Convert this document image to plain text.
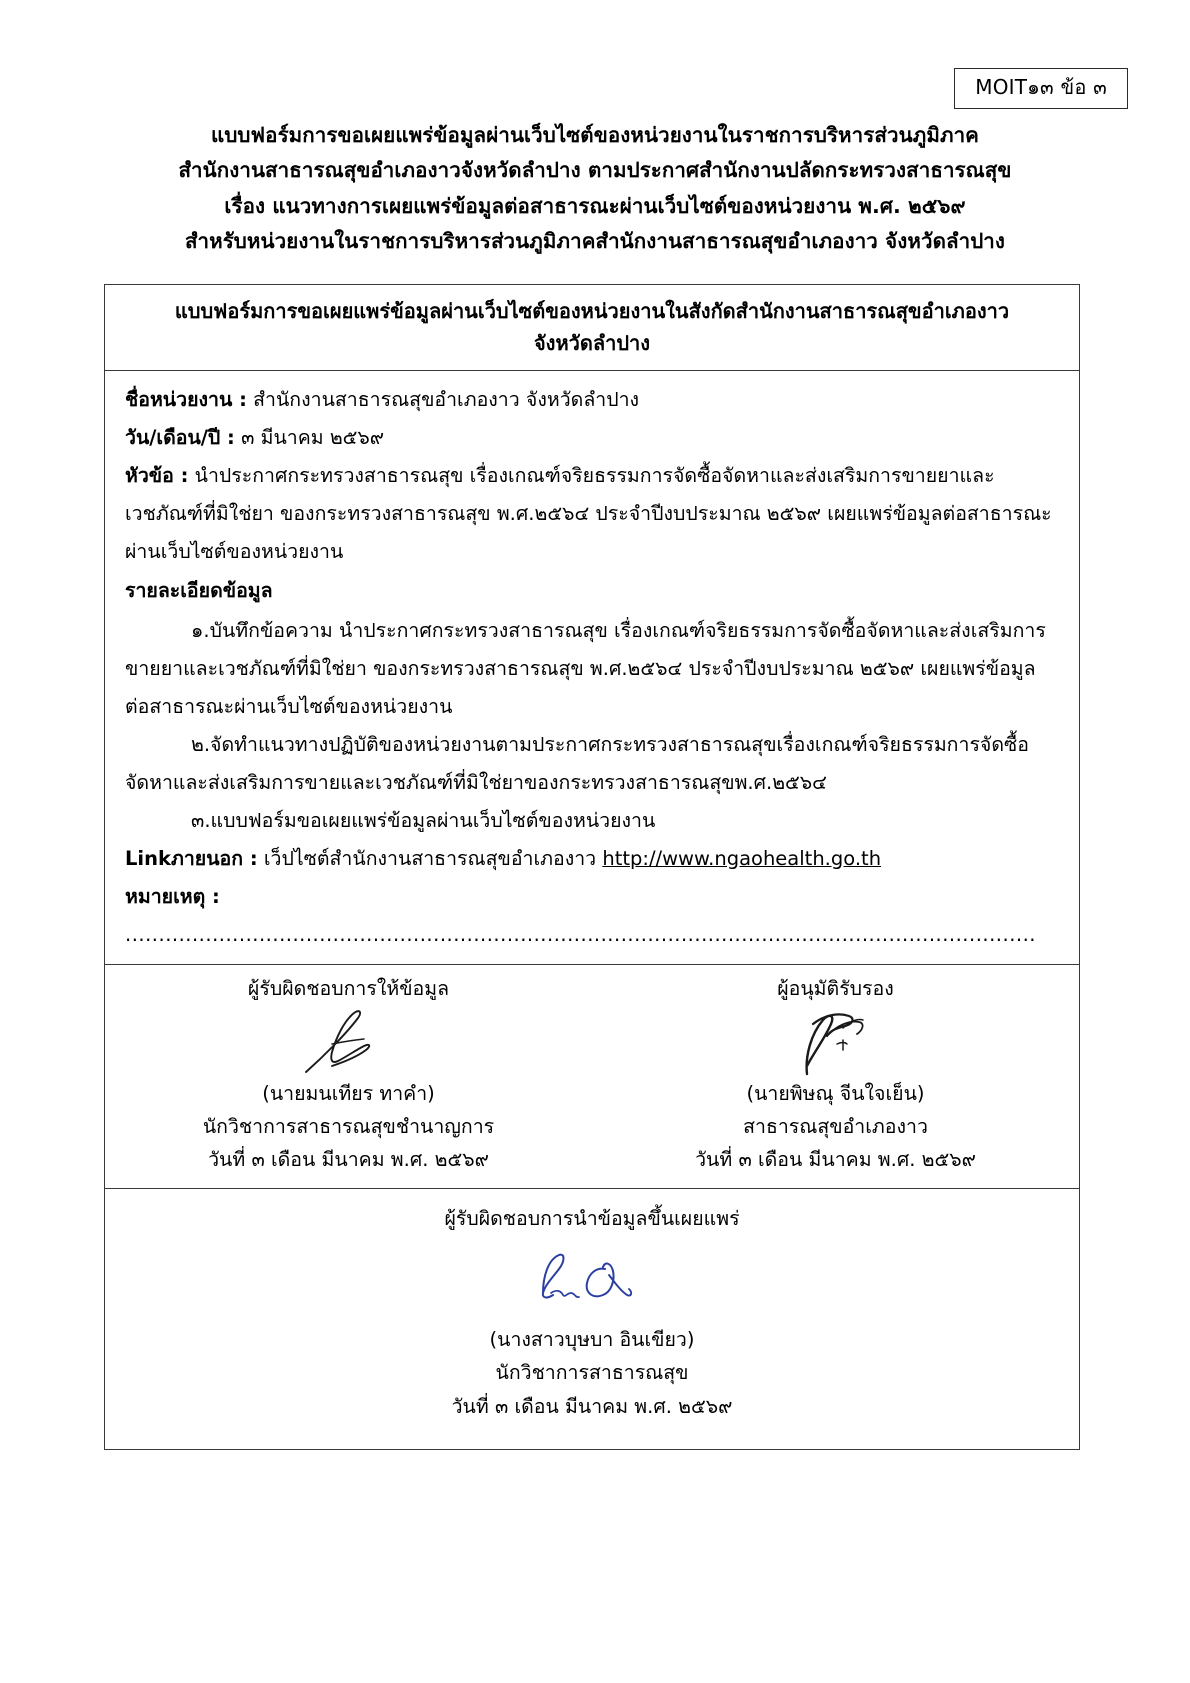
MOIT๑๓ ข้อ ๓
แบบฟอร์มการขอเผยแพร่ข้อมูลผ่านเว็บไซต์ของหน่วยงานในราชการบริหารส่วนภูมิภาค
สำนักงานสาธารณสุขอำเภองาวจังหวัดลำปาง ตามประกาศสำนักงานปลัดกระทรวงสาธารณสุข
เรื่อง แนวทางการเผยแพร่ข้อมูลต่อสาธารณะผ่านเว็บไซต์ของหน่วยงาน พ.ศ. ๒๕๖๙
สำหรับหน่วยงานในราชการบริหารส่วนภูมิภาคสำนักงานสาธารณสุขอำเภองาว จังหวัดลำปาง
แบบฟอร์มการขอเผยแพร่ข้อมูลผ่านเว็บไซต์ของหน่วยงานในสังกัดสำนักงานสาธารณสุขอำเภองาว
จังหวัดลำปาง
ชื่อหน่วยงาน : สำนักงานสาธารณสุขอำเภองาว จังหวัดลำปาง
วัน/เดือน/ปี : ๓ มีนาคม ๒๕๖๙
หัวข้อ : นำประกาศกระทรวงสาธารณสุข เรื่องเกณฑ์จริยธรรมการจัดซื้อจัดหาและส่งเสริมการขายยาและเวชภัณฑ์ที่มิใช่ยา ของกระทรวงสาธารณสุข พ.ศ.๒๕๖๔ ประจำปีงบประมาณ ๒๕๖๙ เผยแพร่ข้อมูลต่อสาธารณะผ่านเว็บไซต์ของหน่วยงาน
รายละเอียดข้อมูล
๑.บันทึกข้อความ นำประกาศกระทรวงสาธารณสุข เรื่องเกณฑ์จริยธรรมการจัดซื้อจัดหาและส่งเสริมการขายยาและเวชภัณฑ์ที่มิใช่ยา ของกระทรวงสาธารณสุข พ.ศ.๒๕๖๔ ประจำปีงบประมาณ ๒๕๖๙ เผยแพร่ข้อมูลต่อสาธารณะผ่านเว็บไซต์ของหน่วยงาน
๒.จัดทำแนวทางปฏิบัติของหน่วยงานตามประกาศกระทรวงสาธารณสุขเรื่องเกณฑ์จริยธรรมการจัดซื้อจัดหาและส่งเสริมการขายและเวชภัณฑ์ที่มิใช่ยาของกระทรวงสาธารณสุขพ.ศ.๒๕๖๔
๓.แบบฟอร์มขอเผยแพร่ข้อมูลผ่านเว็บไซต์ของหน่วยงาน
Linkภายนอก : เว็ปไซต์สำนักงานสาธารณสุขอำเภองาว http://www.ngaohealth.go.th
หมายเหตุ : ........................................................................................................................................
ผู้รับผิดชอบการให้ข้อมูล
(นายมนเทียร ทาคำ)
นักวิชาการสาธารณสุขชำนาญการ
วันที่ ๓ เดือน มีนาคม พ.ศ. ๒๕๖๙
ผู้อนุมัติรับรอง
(นายพิษณุ จีนใจเย็น)
สาธารณสุขอำเภองาว
วันที่ ๓ เดือน มีนาคม พ.ศ. ๒๕๖๙
ผู้รับผิดชอบการนำข้อมูลขึ้นเผยแพร่
(นางสาวบุษบา อินเขียว)
นักวิชาการสาธารณสุข
วันที่ ๓ เดือน มีนาคม พ.ศ. ๒๕๖๙
